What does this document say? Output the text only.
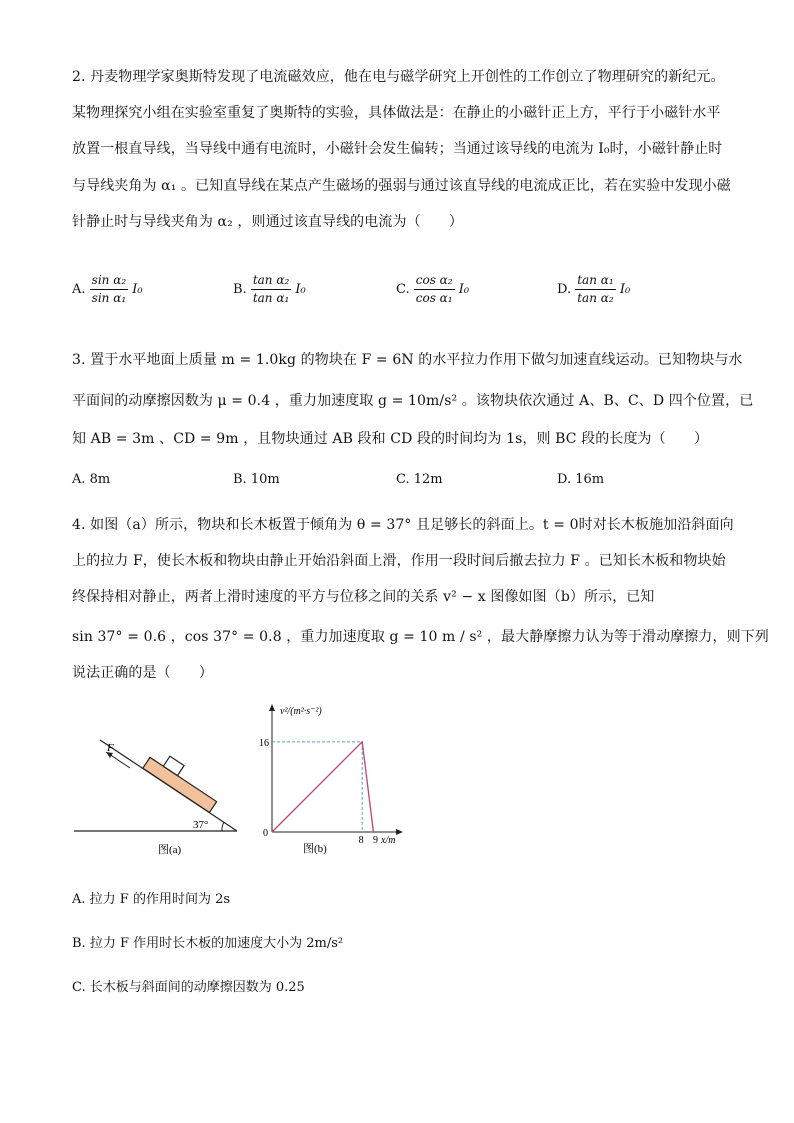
2. 丹麦物理学家奥斯特发现了电流磁效应，他在电与磁学研究上开创性的工作创立了物理研究的新纪元。
某物理探究小组在实验室重复了奥斯特的实验，具体做法是：在静止的小磁针正上方，平行于小磁针水平
放置一根直导线，当导线中通有电流时，小磁针会发生偏转；当通过该导线的电流为 I₀时，小磁针静止时
与导线夹角为 α₁ 。已知直导线在某点产生磁场的强弱与通过该直导线的电流成正比，若在实验中发现小磁
针静止时与导线夹角为 α₂ ，则通过该直导线的电流为（　　）
A. $\frac{\text{sin α₂}}{\text{sin α₁}} I_0$	B. $\frac{\text{tan α₂}}{\text{tan α₁}} I_0$	C. $\frac{\text{cos α₂}}{\text{cos α₁}} I_0$	D. $\frac{\text{tan α₁}}{\text{tan α₂}} I_0$
3. 置于水平地面上质量 m = 1.0kg 的物块在 F = 6N 的水平拉力作用下做匀加速直线运动。已知物块与水
平面间的动摩擦因数为 μ = 0.4 ，重力加速度取 g = 10m/s² 。该物块依次通过 A、B、C、D 四个位置，已
知 AB = 3m 、CD = 9m ，且物块通过 AB 段和 CD 段的时间均为 1s，则 BC 段的长度为（　　）
A. 8m	B. 10m	C. 12m	D. 16m
4. 如图（a）所示，物块和长木板置于倾角为 θ = 37° 且足够长的斜面上。t = 0时对长木板施加沿斜面向
上的拉力 F，使长木板和物块由静止开始沿斜面上滑，作用一段时间后撤去拉力 F 。已知长木板和物块始
终保持相对静止，两者上滑时速度的平方与位移之间的关系 v² − x 图像如图（b）所示，已知
sin 37° = 0.6 ，cos 37° = 0.8 ，重力加速度取 g = 10 m / s² ，最大静摩擦力认为等于滑动摩擦力，则下列
说法正确的是（　　）
F
37°
图(a)
v²/(m²·s⁻²)
x/m
0
16
8 9
图(b)
A. 拉力 F 的作用时间为 2s
B. 拉力 F 作用时长木板的加速度大小为 2m/s²
C. 长木板与斜面间的动摩擦因数为 0.25
